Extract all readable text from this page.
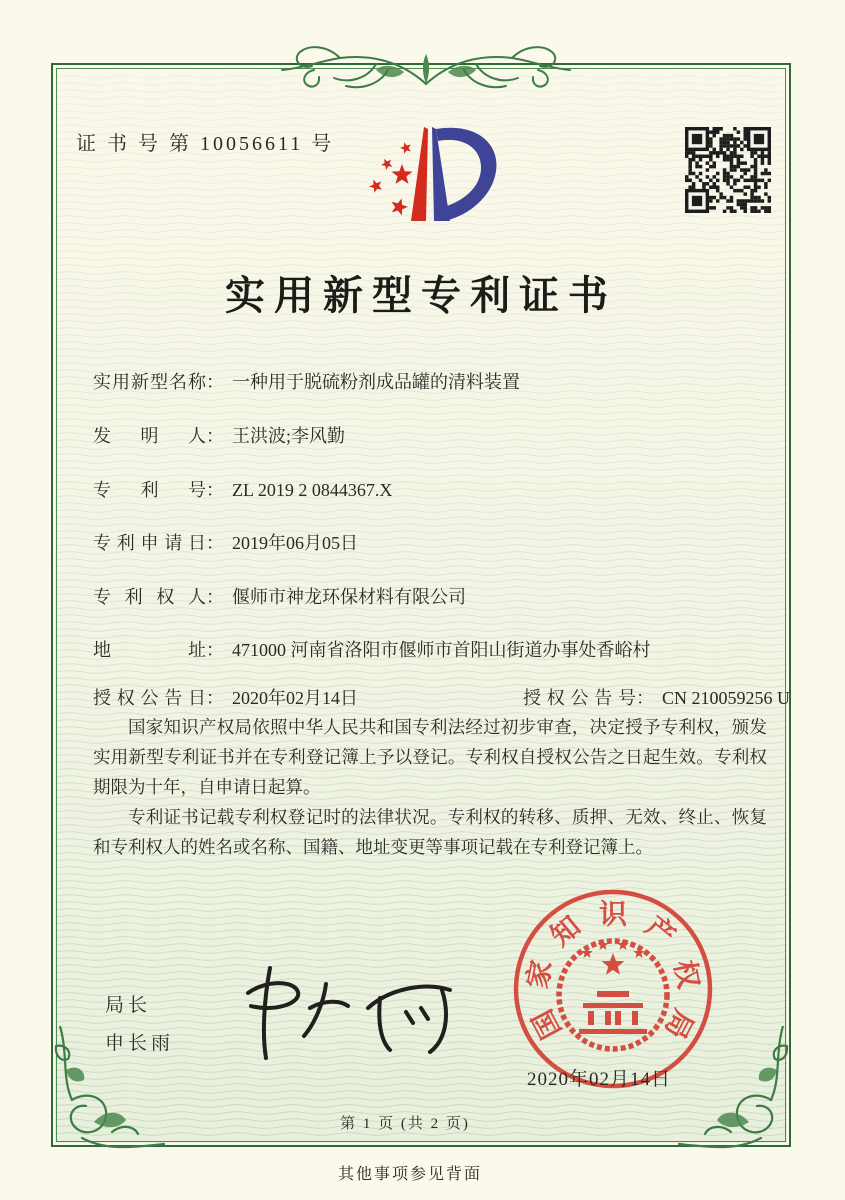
证 书 号 第 10056611 号
实用新型专利证书
实用新型名称： 一种用于脱硫粉剂成品罐的清料装置
发明人： 王洪波;李风勤
专利号： ZL 2019 2 0844367.X
专利申请日： 2019年06月05日
专利权人： 偃师市神龙环保材料有限公司
地址： 471000 河南省洛阳市偃师市首阳山街道办事处香峪村
授权公告日： 2020年02月14日	授权公告号： CN 210059256 U

国家知识产权局依照中华人民共和国专利法经过初步审查，决定授予专利权，颁发实用新型专利证书并在专利登记簿上予以登记。专利权自授权公告之日起生效。专利权期限为十年，自申请日起算。

专利证书记载专利权登记时的法律状况。专利权的转移、质押、无效、终止、恢复和专利权人的姓名或名称、国籍、地址变更等事项记载在专利登记簿上。

局长
申长雨
国
家
知 识 产
权
局
2020年02月14日
第 1 页 (共 2 页)
其他事项参见背面
